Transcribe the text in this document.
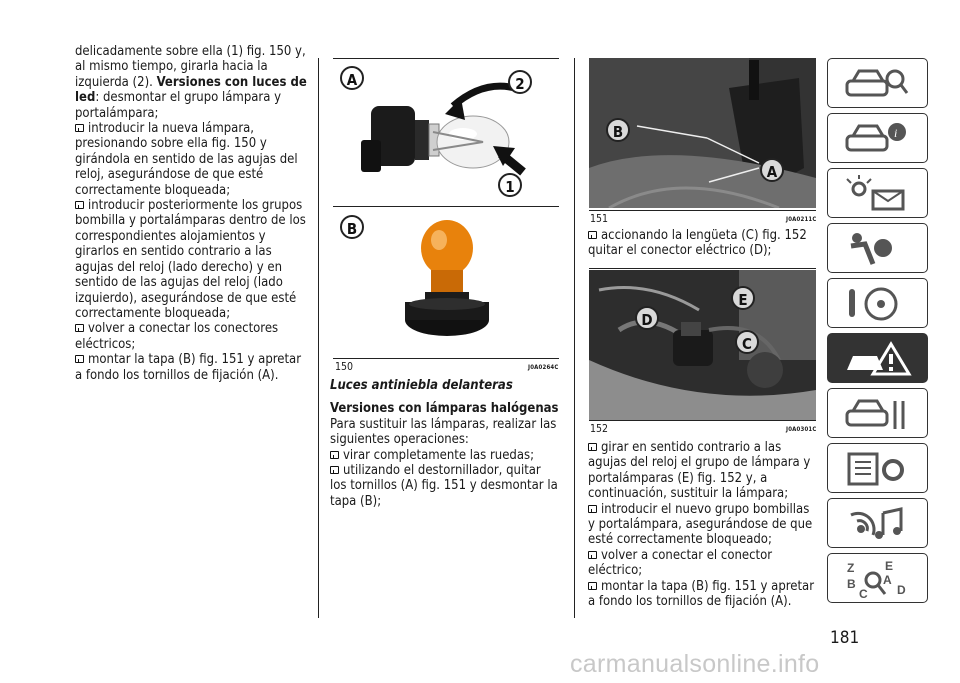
delicadamente sobre ella (1) fig. 150 y, al mismo tiempo, girarla hacia la izquierda (2). Versiones con luces de led: desmontar el grupo lámpara y portalámpara;

introducir la nueva lámpara, presionando sobre ella fig. 150 y girándola en sentido de las agujas del reloj, asegurándose de que esté correctamente bloqueada;

introducir posteriormente los grupos bombilla y portalámparas dentro de los correspondientes alojamientos y girarlos en sentido contrario a las agujas del reloj (lado derecho) y en sentido de las agujas del reloj (lado izquierdo), asegurándose de que esté correctamente bloqueada;

volver a conectar los conectores eléctricos;

montar la tapa (B) fig. 151 y apretar a fondo los tornillos de fijación (A).

A	2
1
B
150	J0A0264C

Luces antiniebla delanteras

Versiones con lámparas halógenas

Para sustituir las lámparas, realizar las siguientes operaciones:

virar completamente las ruedas;

utilizando el destornillador, quitar los tornillos (A) fig. 151 y desmontar la tapa (B);

B
A
151	J0A0211C

accionando la lengüeta (C) fig. 152 quitar el conector eléctrico (D);

D
E
C
152	J0A0301C

girar en sentido contrario a las agujas del reloj el grupo de lámpara y portalámparas (E) fig. 152 y, a continuación, sustituir la lámpara;

introducir el nuevo grupo bombillas y portalámpara, asegurándose de que esté correctamente bloqueado;

volver a conectar el conector eléctrico;

montar la tapa (B) fig. 151 y apretar a fondo los tornillos de fijación (A).

i
Z	E
A
B
C D
181
carmanualsonline.info
